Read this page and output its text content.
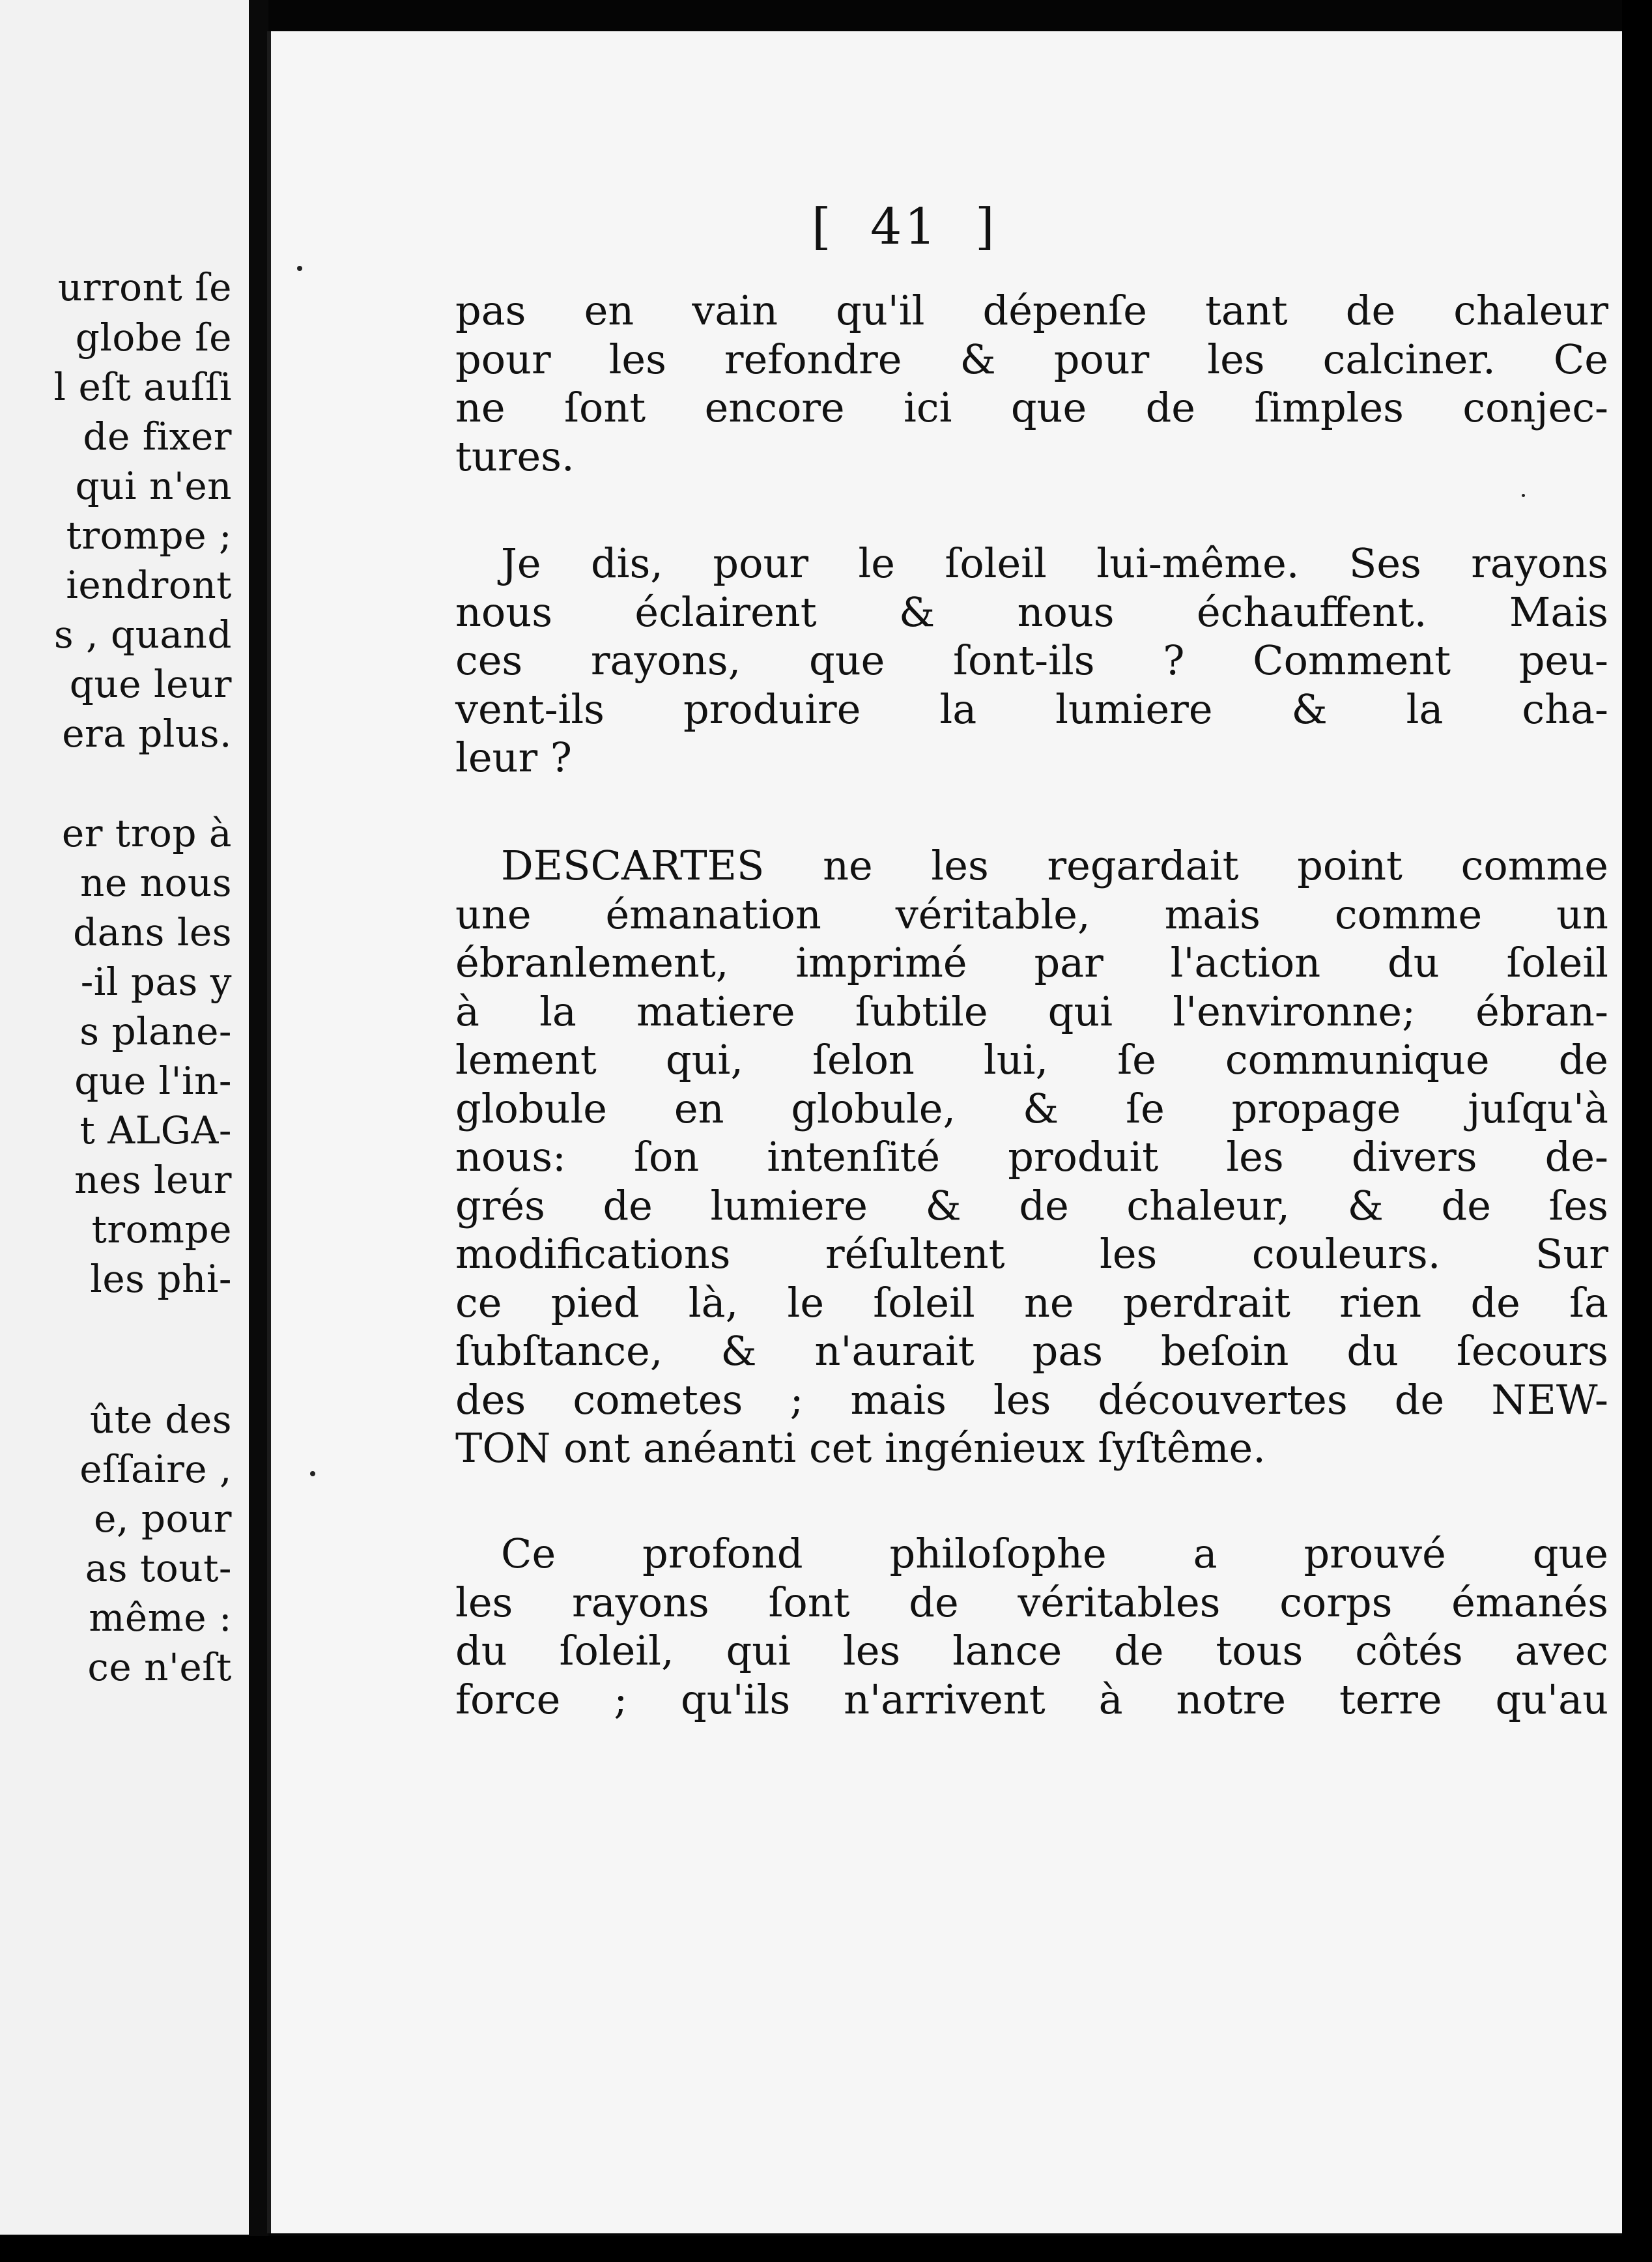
urront ſe
globe ſe
l eſt auſſi
de fixer
qui n'en
trompe ;
iendront
s , quand
que leur
era plus.
er trop à
ne nous
dans les
-il pas y
s plane-
que l'in-
t ALGA-
nes leur
trompe
les phi-
ûte des
eſſaire ,
e, pour
as tout-
même :
ce n'eſt
[  41  ]
pas en vain qu'il dépenſe tant de chaleur
pour les refondre & pour les calciner. Ce
ne ſont encore ici que de ſimples conjec-
tures.
Je dis, pour le ſoleil lui-même. Ses rayons
nous éclairent & nous échauffent. Mais
ces rayons, que ſont-ils ? Comment peu-
vent-ils produire la lumiere & la cha-
leur ?
DESCARTES ne les regardait point comme
une émanation véritable, mais comme un
ébranlement, imprimé par l'action du ſoleil
à la matiere ſubtile qui l'environne; ébran-
lement qui, ſelon lui, ſe communique de
globule en globule, & ſe propage juſqu'à
nous: ſon intenſité produit les divers de-
grés de lumiere & de chaleur, & de ſes
modifications réſultent les couleurs. Sur
ce pied là, le ſoleil ne perdrait rien de ſa
ſubſtance, & n'aurait pas beſoin du ſecours
des cometes ; mais les découvertes de NEW-
TON ont anéanti cet ingénieux ſyſtême.
Ce profond philoſophe a prouvé que
les rayons ſont de véritables corps émanés
du ſoleil, qui les lance de tous côtés avec
force ; qu'ils n'arrivent à notre terre qu'au
